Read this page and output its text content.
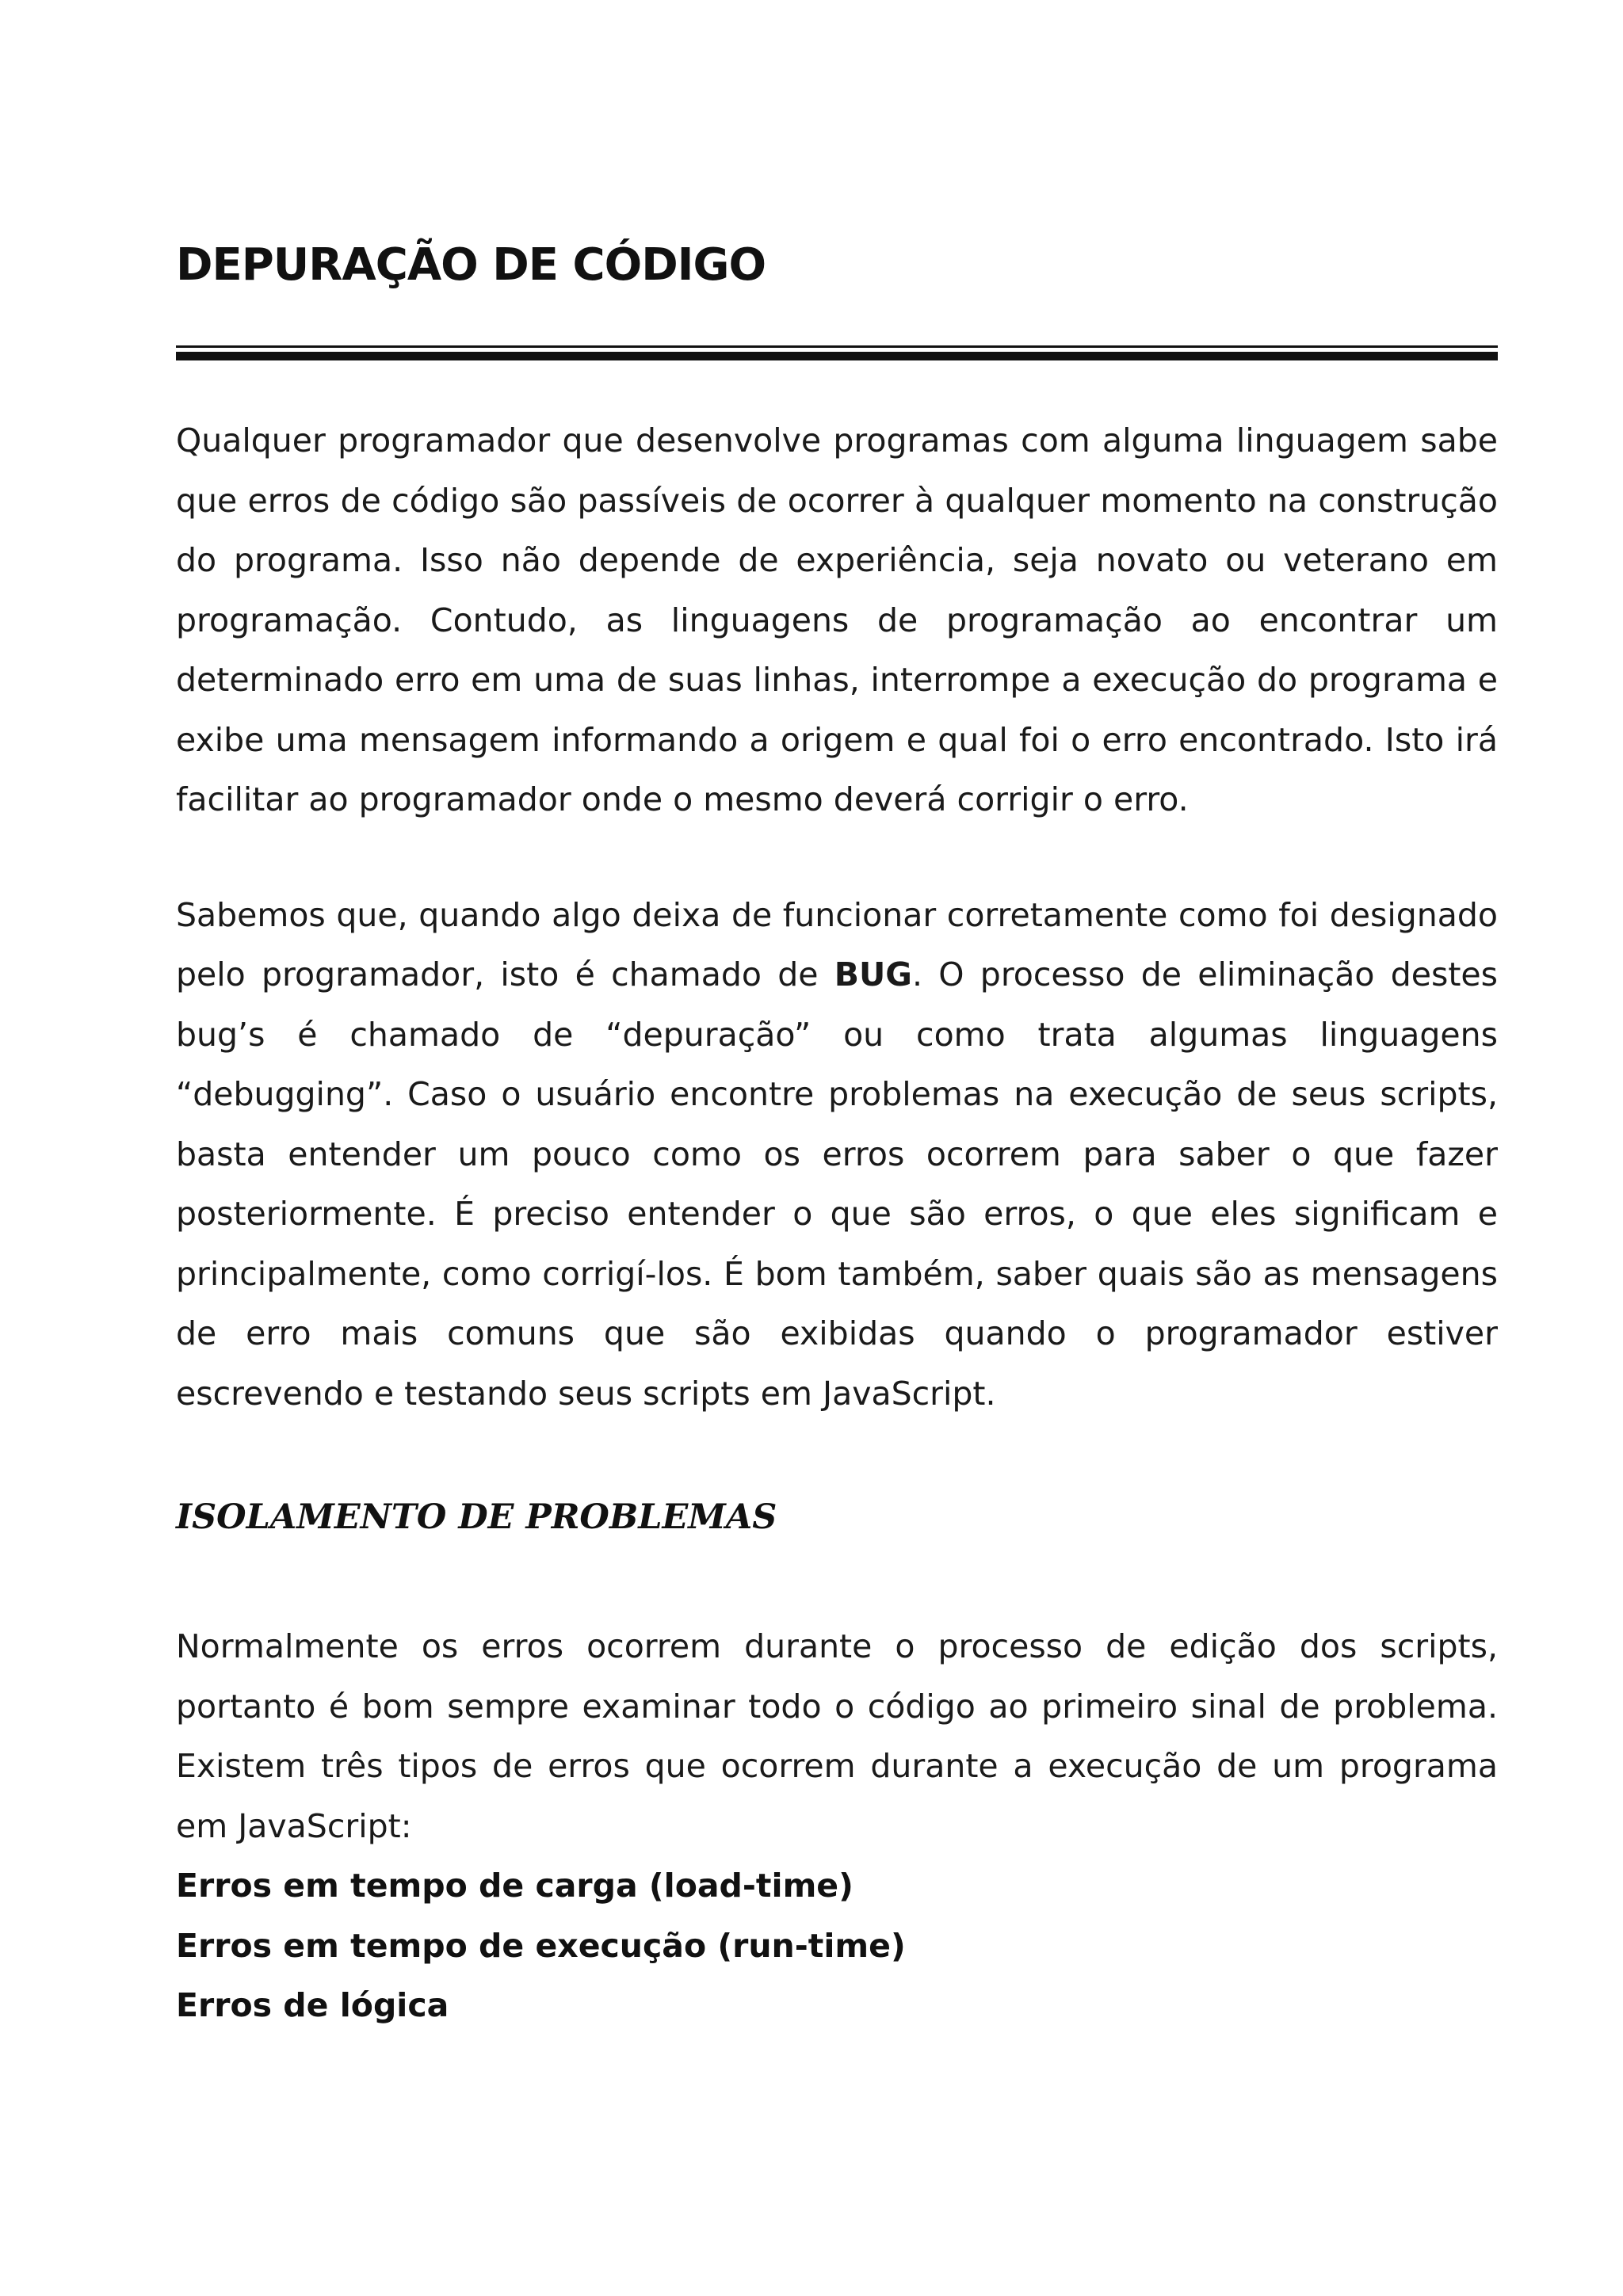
DEPURAÇÃO DE CÓDIGO

Qualquer programador que desenvolve programas com alguma linguagem sabe que erros de código são passíveis de ocorrer à qualquer momento na construção do programa. Isso não depende de experiência, seja novato ou veterano em programação. Contudo, as linguagens de programação ao encontrar um determinado erro em uma de suas linhas, interrompe a execução do programa e exibe uma mensagem informando a origem e qual foi o erro encontrado. Isto irá facilitar ao programador onde o mesmo deverá corrigir o erro.

Sabemos que, quando algo deixa de funcionar corretamente como foi designado pelo programador, isto é chamado de BUG. O processo de eliminação destes bug’s é chamado de “depuração” ou como trata algumas linguagens “debugging”. Caso o usuário encontre problemas na execução de seus scripts, basta entender um pouco como os erros ocorrem para saber o que fazer posteriormente. É preciso entender o que são erros, o que eles significam e principalmente, como corrigí-los. É bom também, saber quais são as mensagens de erro mais comuns que são exibidas quando o programador estiver escrevendo e testando seus scripts em JavaScript.

ISOLAMENTO DE PROBLEMAS

Normalmente os erros ocorrem durante o processo de edição dos scripts, portanto é bom sempre examinar todo o código ao primeiro sinal de problema. Existem três tipos de erros que ocorrem durante a execução de um programa em JavaScript:

Erros em tempo de carga (load-time)
Erros em tempo de execução (run-time)
Erros de lógica
